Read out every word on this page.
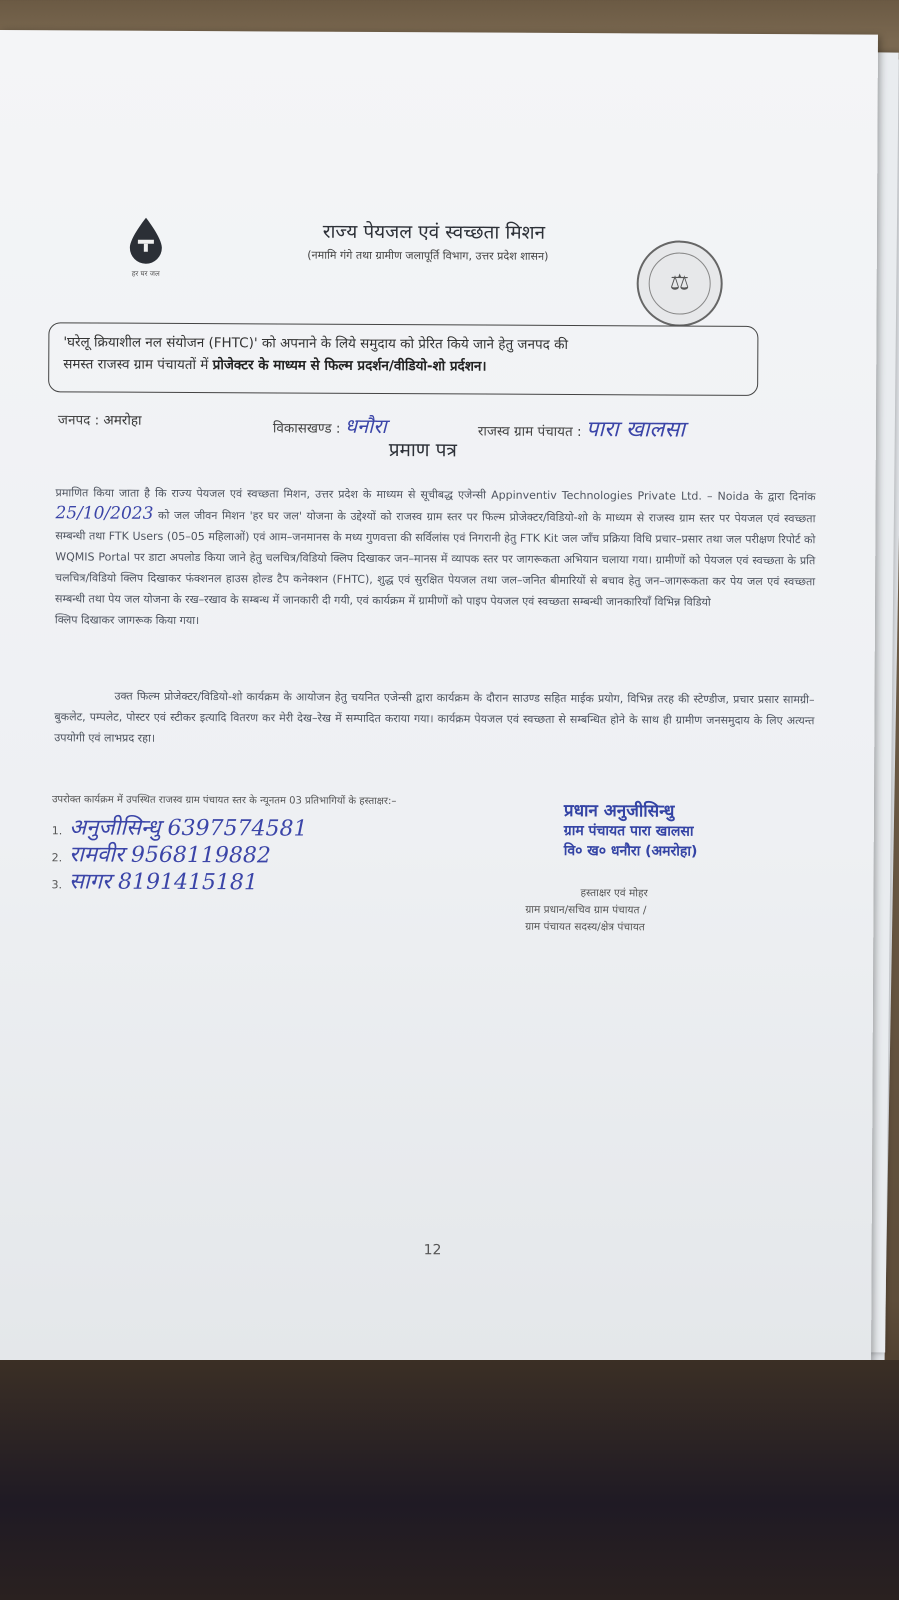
हर घर जल
राज्य पेयजल एवं स्वच्छता मिशन
(नमामि गंगे तथा ग्रामीण जलापूर्ति विभाग, उत्तर प्रदेश शासन)
⚖
'घरेलू क्रियाशील नल संयोजन (FHTC)' को अपनाने के लिये समुदाय को प्रेरित किये जाने हेतु जनपद की
समस्त राजस्व ग्राम पंचायतों में प्रोजेक्टर के माध्यम से फिल्म प्रदर्शन/वीडियो-शो प्रर्दशन।
जनपद : अमरोहा	विकासखण्ड : धनौरा	राजस्व ग्राम पंचायत : पारा खालसा
प्रमाण पत्र
प्रमाणित किया जाता है कि राज्य पेयजल एवं स्वच्छता मिशन, उत्तर प्रदेश के माध्यम से सूचीबद्ध एजेन्सी Appinventiv Technologies Private Ltd. – Noida के द्वारा दिनांक 25/10/2023 को जल जीवन मिशन 'हर घर जल' योजना के उद्देश्यों को राजस्व ग्राम स्तर पर फिल्म प्रोजेक्टर/विडियो-शो के माध्यम से राजस्व ग्राम स्तर पर पेयजल एवं स्वच्छता सम्बन्धी तथा FTK Users (05–05 महिलाओं) एवं आम–जनमानस के मध्य गुणवत्ता की सर्विलांस एवं निगरानी हेतु FTK Kit जल जाँच प्रक्रिया विधि प्रचार–प्रसार तथा जल परीक्षण रिपोर्ट को WQMIS Portal पर डाटा अपलोड किया जाने हेतु चलचित्र/विडियो क्लिप दिखाकर जन–मानस में व्यापक स्तर पर जागरूकता अभियान चलाया गया। ग्रामीणों को पेयजल एवं स्वच्छता के प्रति चलचित्र/विडियो क्लिप दिखाकर फंक्शनल हाउस होल्ड टैप कनेक्शन (FHTC), शुद्ध एवं सुरक्षित पेयजल तथा जल–जनित बीमारियों से बचाव हेतु जन–जागरूकता कर पेय जल एवं स्वच्छता सम्बन्धी तथा पेय जल योजना के रख–रखाव के सम्बन्ध में जानकारी दी गयी, एवं कार्यक्रम में ग्रामीणों को पाइप पेयजल एवं स्वच्छता सम्बन्धी जानकारियाँ विभिन्न विडियो
क्लिप दिखाकर जागरूक किया गया।
उक्त फिल्म प्रोजेक्टर/विडियो-शो कार्यक्रम के आयोजन हेतु चयनित एजेन्सी द्वारा कार्यक्रम के दौरान साउण्ड सहित माईक प्रयोग, विभिन्न तरह की स्टेण्डीज, प्रचार प्रसार सामग्री–बुकलेट, पम्पलेट, पोस्टर एवं स्टीकर इत्यादि वितरण कर मेरी देख–रेख में सम्पादित कराया गया। कार्यक्रम पेयजल एवं स्वच्छता से सम्बन्धित होने के साथ ही ग्रामीण जनसमुदाय के लिए अत्यन्त उपयोगी एवं लाभप्रद रहा।
उपरोक्त कार्यक्रम में उपस्थित राजस्व ग्राम पंचायत स्तर के न्यूनतम 03 प्रतिभागियों के हस्ताक्षर:–
1. अनुजीसिन्धु 6397574581
2. रामवीर 9568119882
3. सागर 8191415181
प्रधान अनुजीसिन्धु
ग्राम पंचायत पारा खालसा
वि० ख० धनौरा (अमरोहा)
हस्ताक्षर एवं मोहर
ग्राम प्रधान/सचिव ग्राम पंचायत /
ग्राम पंचायत सदस्य/क्षेत्र पंचायत
12
